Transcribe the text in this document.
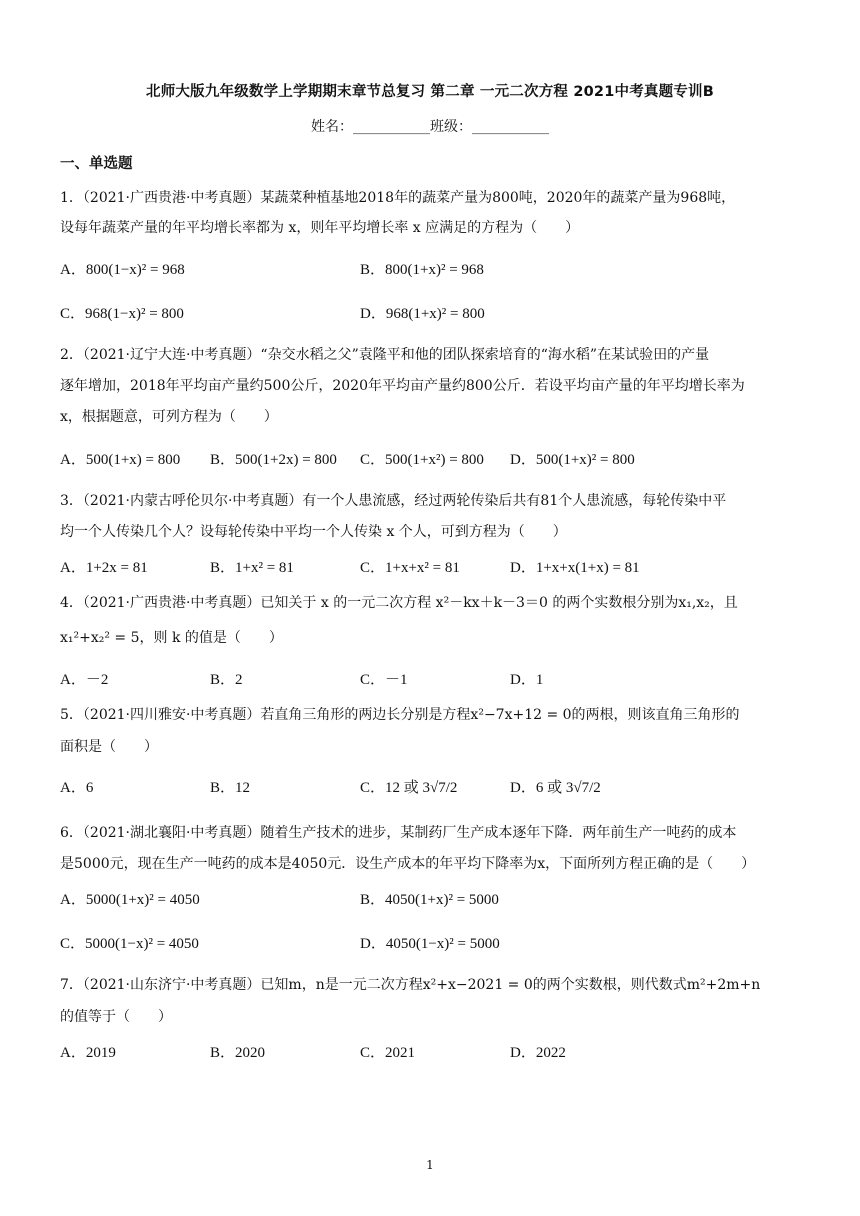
北师大版九年级数学上学期期末章节总复习 第二章 一元二次方程 2021中考真题专训B
姓名：___________班级：___________
一、单选题
1．（2021·广西贵港·中考真题）某蔬菜种植基地2018年的蔬菜产量为800吨，2020年的蔬菜产量为968吨，
设每年蔬菜产量的年平均增长率都为 x，则年平均增长率 x 应满足的方程为（　　）
A．800(1−x)² = 968	B．800(1+x)² = 968
C．968(1−x)² = 800	D．968(1+x)² = 800
2．（2021·辽宁大连·中考真题）“杂交水稻之父”袁隆平和他的团队探索培育的“海水稻”在某试验田的产量
逐年增加，2018年平均亩产量约500公斤，2020年平均亩产量约800公斤．若设平均亩产量的年平均增长率为
x，根据题意，可列方程为（　　）
A．500(1+x) = 800 B．500(1+2x) = 800 C．500(1+x²) = 800 D．500(1+x)² = 800
3．（2021·内蒙古呼伦贝尔·中考真题）有一个人患流感，经过两轮传染后共有81个人患流感，每轮传染中平
均一个人传染几个人？设每轮传染中平均一个人传染 x 个人，可到方程为（　　）
A．1+2x = 81	B．1+x² = 81	C．1+x+x² = 81	D．1+x+x(1+x) = 81
4．（2021·广西贵港·中考真题）已知关于 x 的一元二次方程 x²－kx＋k－3＝0 的两个实数根分别为x₁,x₂，且
x₁²+x₂² = 5，则 k 的值是（　　）
A．－2	B．2	C．－1	D．1
5．（2021·四川雅安·中考真题）若直角三角形的两边长分别是方程x²−7x+12 = 0的两根，则该直角三角形的
面积是（　　）
A．6	B．12	C．12 或 3√7/2	D．6 或 3√7/2
6．（2021·湖北襄阳·中考真题）随着生产技术的进步，某制药厂生产成本逐年下降．两年前生产一吨药的成本
是5000元，现在生产一吨药的成本是4050元．设生产成本的年平均下降率为x，下面所列方程正确的是（　　）
A．5000(1+x)² = 4050	B．4050(1+x)² = 5000
C．5000(1−x)² = 4050	D．4050(1−x)² = 5000
7．（2021·山东济宁·中考真题）已知m，n是一元二次方程x²+x−2021 = 0的两个实数根，则代数式m²+2m+n
的值等于（　　）
A．2019	B．2020	C．2021	D．2022
1
